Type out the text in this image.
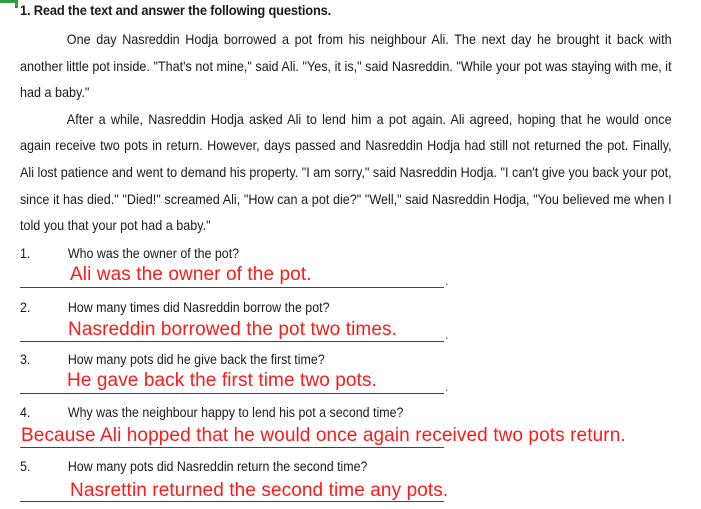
1. Read the text and answer the following questions.

One day Nasreddin Hodja borrowed a pot from his neighbour Ali. The next day he brought it back with another little pot inside. "That's not mine," said Ali. "Yes, it is," said Nasreddin. "While your pot was staying with me, it had a baby."

After a while, Nasreddin Hodja asked Ali to lend him a pot again. Ali agreed, hoping that he would once again receive two pots in return. However, days passed and Nasreddin Hodja had still not returned the pot. Finally, Ali lost patience and went to demand his property. "I am sorry," said Nasreddin Hodja. "I can't give you back your pot, since it has died." "Died!" screamed Ali, "How can a pot die?" "Well," said Nasreddin Hodja, "You believed me when I told you that your pot had a baby."

1.	Who was the owner of the pot?
Ali was the owner of the pot.	.
2.	How many times did Nasreddin borrow the pot?
Nasreddin borrowed the pot two times.	.
3.	How many pots did he give back the first time?
He gave back the first time two pots.	.
4.	Why was the neighbour happy to lend his pot a second time?
Because Ali hopped that he would once again received two pots return.
5.	How many pots did Nasreddin return the second time?
Nasrettin returned the second time any pots.
